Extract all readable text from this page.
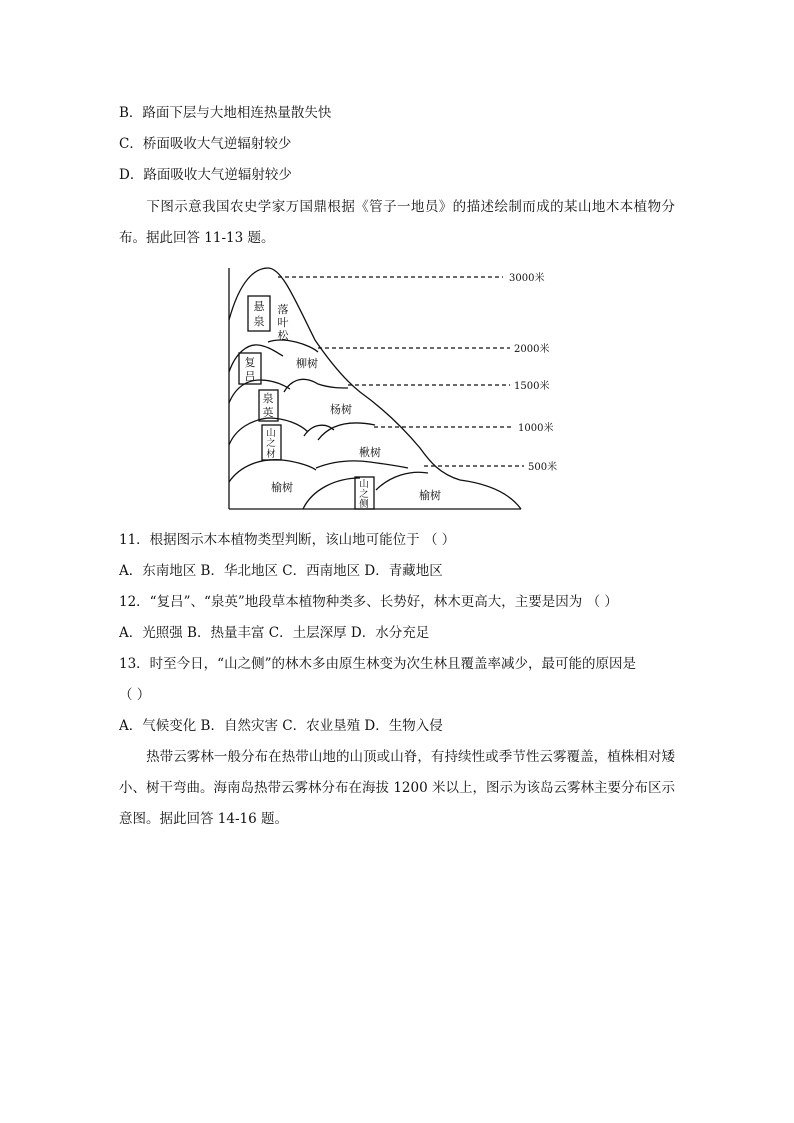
B．路面下层与大地相连热量散失快
C．桥面吸收大气逆辐射较少
D．路面吸收大气逆辐射较少
下图示意我国农史学家万国鼎根据《管子一地员》的描述绘制而成的某山地木本植物分布。据此回答 11-13 题。
3000米
2000米
1500米
1000米
500米
悬
泉
复
吕
泉
英
山
之
材
山
之
侧
落
叶
松
柳树
杨树
楸树
榆树
榆树
11．根据图示木本植物类型判断，该山地可能位于 （ ）
A．东南地区 B．华北地区 C．西南地区 D．青藏地区
12．“复吕”、“泉英”地段草本植物种类多、长势好，林木更高大，主要是因为 （ ）
A．光照强 B．热量丰富 C．土层深厚 D．水分充足
13．时至今日，“山之侧”的林木多由原生林变为次生林且覆盖率减少，最可能的原因是
（ ）
A．气候变化 B．自然灾害 C．农业垦殖 D．生物入侵
热带云雾林一般分布在热带山地的山顶或山脊，有持续性或季节性云雾覆盖，植株相对矮小、树干弯曲。海南岛热带云雾林分布在海拔 1200 米以上，图示为该岛云雾林主要分布区示意图。据此回答 14-16 题。
